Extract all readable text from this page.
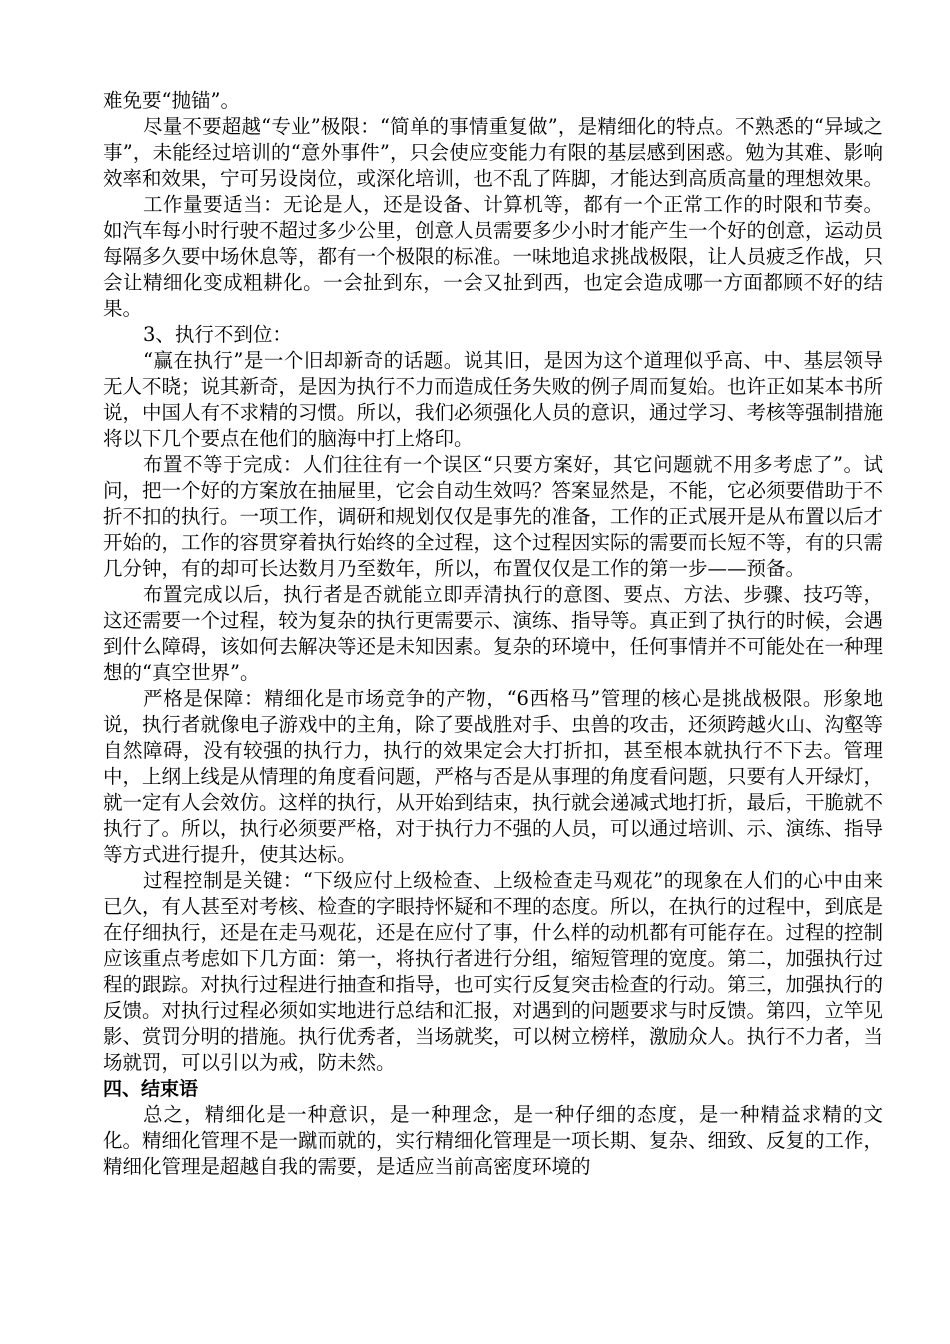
难免要“抛锚”。

尽量不要超越“专业”极限：“简单的事情重复做”，是精细化的特点。不熟悉的“异域之事”，未能经过培训的“意外事件”，只会使应变能力有限的基层感到困惑。勉为其难、影响效率和效果，宁可另设岗位，或深化培训，也不乱了阵脚，才能达到高质高量的理想效果。

工作量要适当：无论是人，还是设备、计算机等，都有一个正常工作的时限和节奏。如汽车每小时行驶不超过多少公里，创意人员需要多少小时才能产生一个好的创意，运动员每隔多久要中场休息等，都有一个极限的标准。一味地追求挑战极限，让人员疲乏作战，只会让精细化变成粗耕化。一会扯到东，一会又扯到西，也定会造成哪一方面都顾不好的结果。

3、执行不到位：

“赢在执行”是一个旧却新奇的话题。说其旧，是因为这个道理似乎高、中、基层领导无人不晓；说其新奇，是因为执行不力而造成任务失败的例子周而复始。也许正如某本书所说，中国人有不求精的习惯。所以，我们必须强化人员的意识，通过学习、考核等强制措施将以下几个要点在他们的脑海中打上烙印。

布置不等于完成：人们往往有一个误区“只要方案好，其它问题就不用多考虑了”。试问，把一个好的方案放在抽屉里，它会自动生效吗？答案显然是，不能，它必须要借助于不折不扣的执行。一项工作，调研和规划仅仅是事先的准备，工作的正式展开是从布置以后才开始的，工作的容贯穿着执行始终的全过程，这个过程因实际的需要而长短不等，有的只需几分钟，有的却可长达数月乃至数年，所以，布置仅仅是工作的第一步——预备。

布置完成以后，执行者是否就能立即弄清执行的意图、要点、方法、步骤、技巧等，这还需要一个过程，较为复杂的执行更需要示、演练、指导等。真正到了执行的时候，会遇到什么障碍，该如何去解决等还是未知因素。复杂的环境中，任何事情并不可能处在一种理想的“真空世界”。

严格是保障：精细化是市场竞争的产物，“6西格马”管理的核心是挑战极限。形象地说，执行者就像电子游戏中的主角，除了要战胜对手、虫兽的攻击，还须跨越火山、沟壑等自然障碍，没有较强的执行力，执行的效果定会大打折扣，甚至根本就执行不下去。管理中，上纲上线是从情理的角度看问题，严格与否是从事理的角度看问题，只要有人开绿灯，就一定有人会效仿。这样的执行，从开始到结束，执行就会递减式地打折，最后，干脆就不执行了。所以，执行必须要严格，对于执行力不强的人员，可以通过培训、示、演练、指导等方式进行提升，使其达标。

过程控制是关键：“下级应付上级检查、上级检查走马观花”的现象在人们的心中由来已久，有人甚至对考核、检查的字眼持怀疑和不理的态度。所以，在执行的过程中，到底是在仔细执行，还是在走马观花，还是在应付了事，什么样的动机都有可能存在。过程的控制应该重点考虑如下几方面：第一，将执行者进行分组，缩短管理的宽度。第二，加强执行过程的跟踪。对执行过程进行抽查和指导，也可实行反复突击检查的行动。第三，加强执行的反馈。对执行过程必须如实地进行总结和汇报，对遇到的问题要求与时反馈。第四，立竿见影、赏罚分明的措施。执行优秀者，当场就奖，可以树立榜样，激励众人。执行不力者，当场就罚，可以引以为戒，防未然。

四、结束语

总之，精细化是一种意识，是一种理念，是一种仔细的态度，是一种精益求精的文化。精细化管理不是一蹴而就的，实行精细化管理是一项长期、复杂、细致、反复的工作，精细化管理是超越自我的需要，是适应当前高密度环境的
